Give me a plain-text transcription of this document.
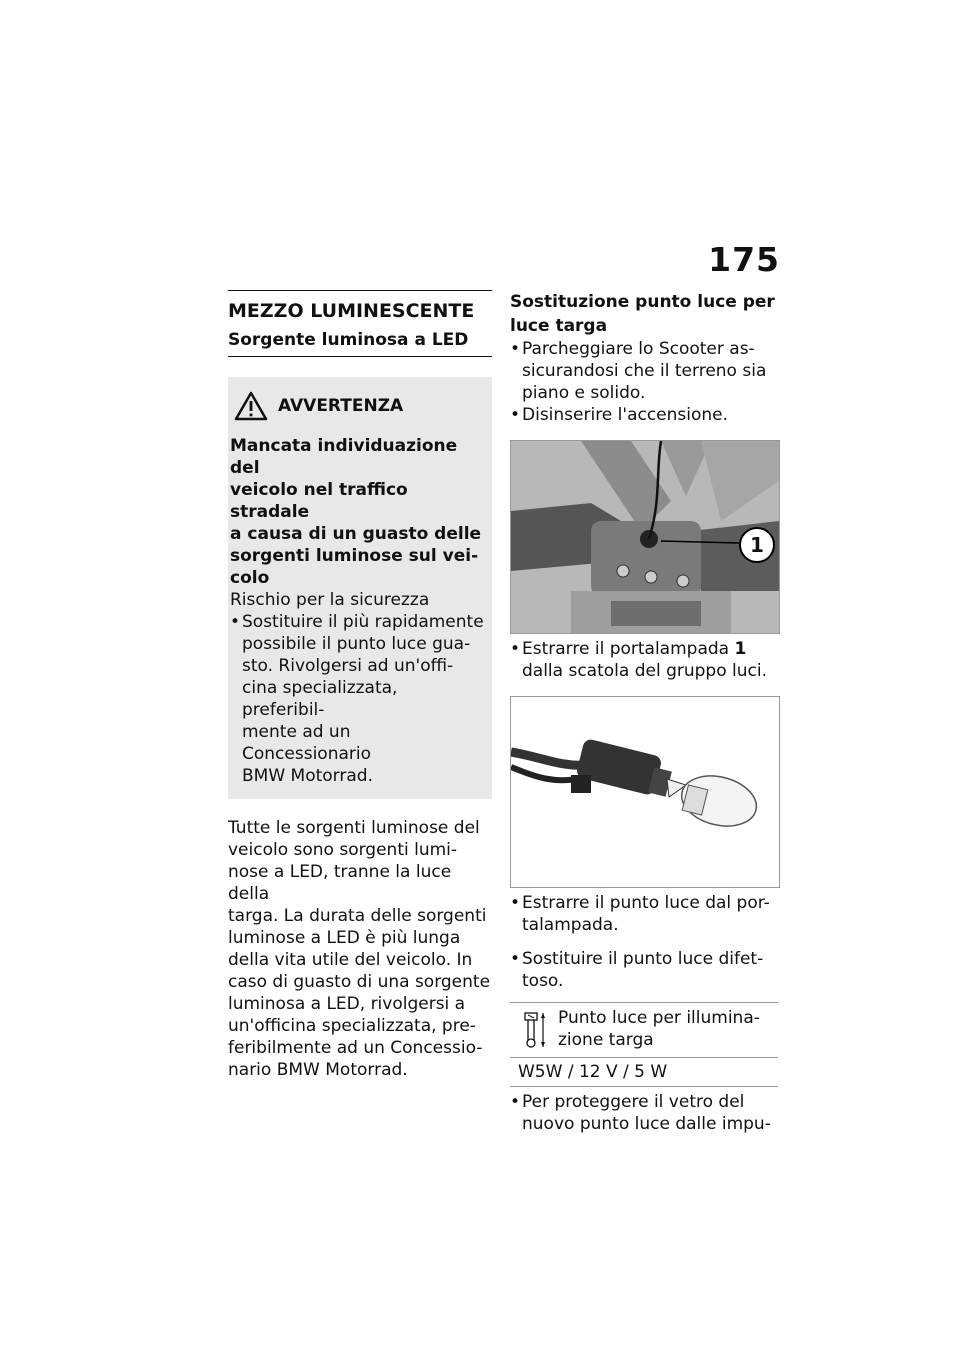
175
MEZZO LUMINESCENTE
Sorgente luminosa a LED
AVVERTENZA
Mancata individuazione del
veicolo nel traffico stradale
a causa di un guasto delle
sorgenti luminose sul vei-
colo
Rischio per la sicurezza
• Sostituire il più rapidamente
possibile il punto luce gua-
sto. Rivolgersi ad un'offi-
cina specializzata, preferibil-
mente ad un Concessionario
BMW Motorrad.
Tutte le sorgenti luminose del
veicolo sono sorgenti lumi-
nose a LED, tranne la luce della
targa. La durata delle sorgenti
luminose a LED è più lunga
della vita utile del veicolo. In
caso di guasto di una sorgente
luminosa a LED, rivolgersi a
un'officina specializzata, pre-
feribilmente ad un Concessio-
nario BMW Motorrad.
Sostituzione punto luce per
luce targa
• Parcheggiare lo Scooter as-
sicurandosi che il terreno sia
piano e solido.
• Disinserire l'accensione.
1
• Estrarre il portalampada 1
dalla scatola del gruppo luci.
• Estrarre il punto luce dal por-
talampada.
• Sostituire il punto luce difet-
toso.
Punto luce per illumina-
zione targa
W5W / 12 V / 5 W
• Per proteggere il vetro del
nuovo punto luce dalle impu-
